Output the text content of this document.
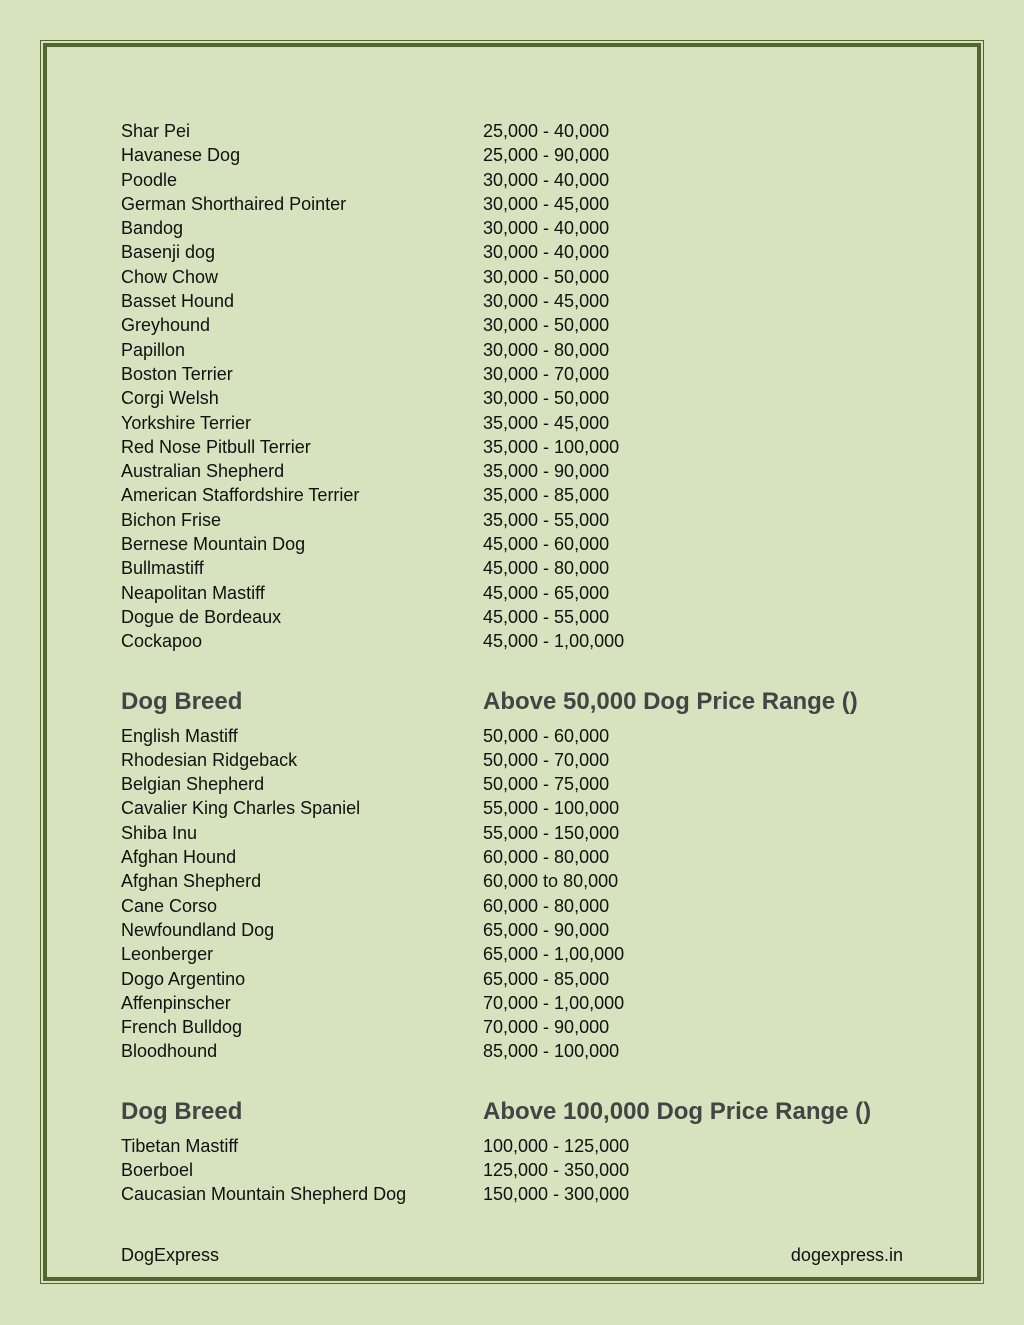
Shar Pei	25,000 - 40,000
Havanese Dog	25,000 - 90,000
Poodle	30,000 - 40,000
German Shorthaired Pointer	30,000 - 45,000
Bandog	30,000 - 40,000
Basenji dog	30,000 - 40,000
Chow Chow	30,000 - 50,000
Basset Hound	30,000 - 45,000
Greyhound	30,000 - 50,000
Papillon	30,000 - 80,000
Boston Terrier	30,000 - 70,000
Corgi Welsh	30,000 - 50,000
Yorkshire Terrier	35,000 - 45,000
Red Nose Pitbull Terrier	35,000 - 100,000
Australian Shepherd	35,000 - 90,000
American Staffordshire Terrier	35,000 - 85,000
Bichon Frise	35,000 - 55,000
Bernese Mountain Dog	45,000 - 60,000
Bullmastiff	45,000 - 80,000
Neapolitan Mastiff	45,000 - 65,000
Dogue de Bordeaux	45,000 - 55,000
Cockapoo	45,000 - 1,00,000
Dog Breed	Above 50,000 Dog Price Range ()
English Mastiff	50,000 - 60,000
Rhodesian Ridgeback	50,000 - 70,000
Belgian Shepherd	50,000 - 75,000
Cavalier King Charles Spaniel	55,000 - 100,000
Shiba Inu	55,000 - 150,000
Afghan Hound	60,000 - 80,000
Afghan Shepherd	60,000 to 80,000
Cane Corso	60,000 - 80,000
Newfoundland Dog	65,000 - 90,000
Leonberger	65,000 - 1,00,000
Dogo Argentino	65,000 - 85,000
Affenpinscher	70,000 - 1,00,000
French Bulldog	70,000 - 90,000
Bloodhound	85,000 - 100,000
Dog Breed	Above 100,000 Dog Price Range ()
Tibetan Mastiff	100,000 - 125,000
Boerboel	125,000 - 350,000
Caucasian Mountain Shepherd Dog	150,000 - 300,000
DogExpress	dogexpress.in
